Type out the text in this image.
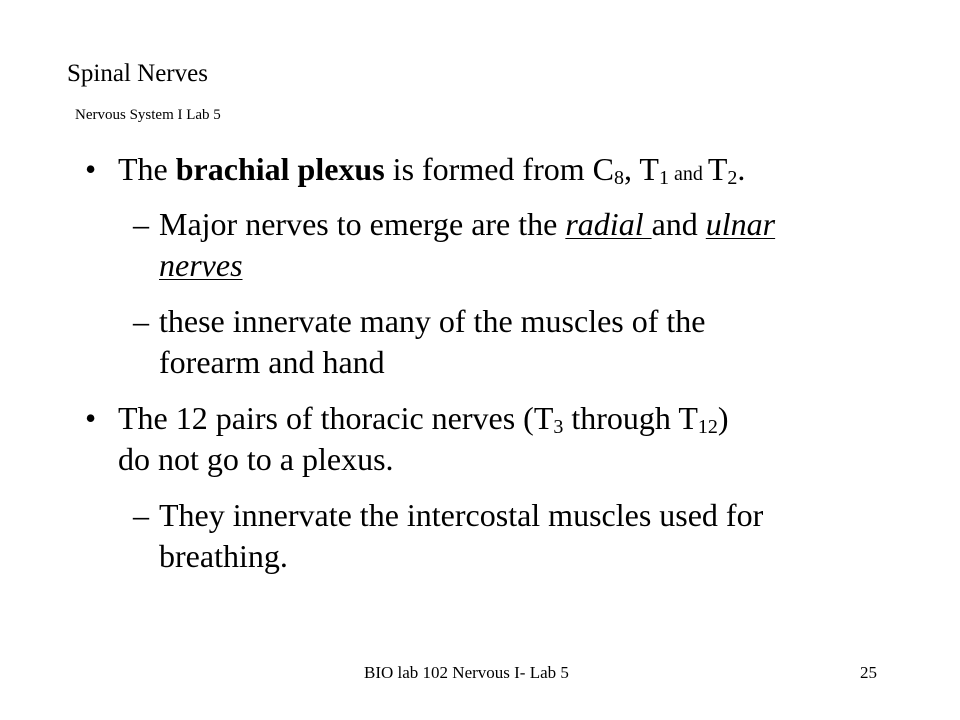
Spinal Nerves
Nervous System I Lab 5
• The brachial plexus is formed from $C_8$, $T_1$ and $T_2$.
– Major nerves to emerge are the radial and ulnar
nerves
– these innervate many of the muscles of the
forearm and hand
• The 12 pairs of thoracic nerves ($T_3$ through $T_{12}$)
do not go to a plexus.
– They innervate the intercostal muscles used for
breathing.
BIO lab 102 Nervous I- Lab 5	25
